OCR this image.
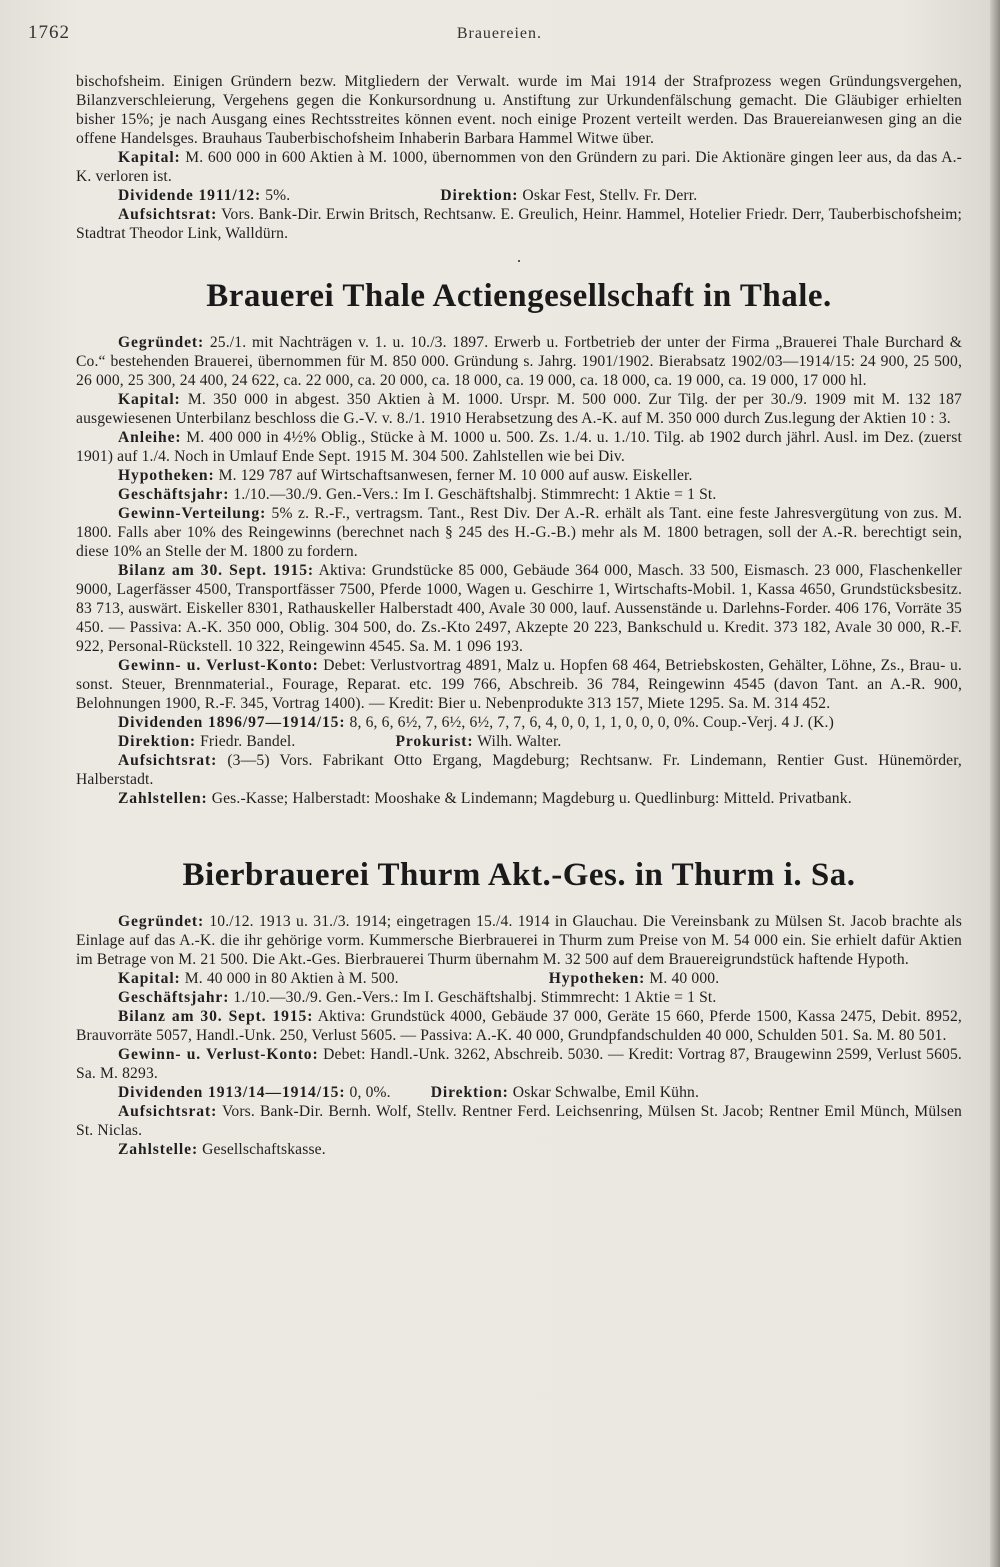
1762	Brauereien.

bischofsheim. Einigen Gründern bezw. Mitgliedern der Verwalt. wurde im Mai 1914 der Strafprozess wegen Gründungsvergehen, Bilanzverschleierung, Vergehens gegen die Konkursordnung u. Anstiftung zur Urkundenfälschung gemacht. Die Gläubiger erhielten bisher 15%; je nach Ausgang eines Rechtsstreites können event. noch einige Prozent verteilt werden. Das Brauereianwesen ging an die offene Handelsges. Brauhaus Tauberbischofsheim Inhaberin Barbara Hammel Witwe über.

Kapital: M. 600 000 in 600 Aktien à M. 1000, übernommen von den Gründern zu pari. Die Aktionäre gingen leer aus, da das A.-K. verloren ist.

Dividende 1911/12: 5%.	Direktion: Oskar Fest, Stellv. Fr. Derr.

Aufsichtsrat: Vors. Bank-Dir. Erwin Britsch, Rechtsanw. E. Greulich, Heinr. Hammel, Hotelier Friedr. Derr, Tauberbischofsheim; Stadtrat Theodor Link, Walldürn.

•

Brauerei Thale Actiengesellschaft in Thale.

Gegründet: 25./1. mit Nachträgen v. 1. u. 10./3. 1897. Erwerb u. Fortbetrieb der unter der Firma „Brauerei Thale Burchard & Co.“ bestehenden Brauerei, übernommen für M. 850 000. Gründung s. Jahrg. 1901/1902. Bierabsatz 1902/03—1914/15: 24 900, 25 500, 26 000, 25 300, 24 400, 24 622, ca. 22 000, ca. 20 000, ca. 18 000, ca. 19 000, ca. 18 000, ca. 19 000, ca. 19 000, 17 000 hl.

Kapital: M. 350 000 in abgest. 350 Aktien à M. 1000. Urspr. M. 500 000. Zur Tilg. der per 30./9. 1909 mit M. 132 187 ausgewiesenen Unterbilanz beschloss die G.-V. v. 8./1. 1910 Herabsetzung des A.-K. auf M. 350 000 durch Zus.legung der Aktien 10 : 3.

Anleihe: M. 400 000 in 4½% Oblig., Stücke à M. 1000 u. 500. Zs. 1./4. u. 1./10. Tilg. ab 1902 durch jährl. Ausl. im Dez. (zuerst 1901) auf 1./4. Noch in Umlauf Ende Sept. 1915 M. 304 500. Zahlstellen wie bei Div.

Hypotheken: M. 129 787 auf Wirtschaftsanwesen, ferner M. 10 000 auf ausw. Eiskeller.

Geschäftsjahr: 1./10.—30./9. Gen.-Vers.: Im I. Geschäftshalbj. Stimmrecht: 1 Aktie = 1 St.

Gewinn-Verteilung: 5% z. R.-F., vertragsm. Tant., Rest Div. Der A.-R. erhält als Tant. eine feste Jahresvergütung von zus. M. 1800. Falls aber 10% des Reingewinns (berechnet nach § 245 des H.-G.-B.) mehr als M. 1800 betragen, soll der A.-R. berechtigt sein, diese 10% an Stelle der M. 1800 zu fordern.

Bilanz am 30. Sept. 1915: Aktiva: Grundstücke 85 000, Gebäude 364 000, Masch. 33 500, Eismasch. 23 000, Flaschenkeller 9000, Lagerfässer 4500, Transportfässer 7500, Pferde 1000, Wagen u. Geschirre 1, Wirtschafts-Mobil. 1, Kassa 4650, Grundstücksbesitz. 83 713, auswärt. Eiskeller 8301, Rathauskeller Halberstadt 400, Avale 30 000, lauf. Aussenstände u. Darlehns-Forder. 406 176, Vorräte 35 450. — Passiva: A.-K. 350 000, Oblig. 304 500, do. Zs.-Kto 2497, Akzepte 20 223, Bankschuld u. Kredit. 373 182, Avale 30 000, R.-F. 922, Personal-Rückstell. 10 322, Reingewinn 4545. Sa. M. 1 096 193.

Gewinn- u. Verlust-Konto: Debet: Verlustvortrag 4891, Malz u. Hopfen 68 464, Betriebskosten, Gehälter, Löhne, Zs., Brau- u. sonst. Steuer, Brennmaterial., Fourage, Reparat. etc. 199 766, Abschreib. 36 784, Reingewinn 4545 (davon Tant. an A.-R. 900, Belohnungen 1900, R.-F. 345, Vortrag 1400). — Kredit: Bier u. Nebenprodukte 313 157, Miete 1295. Sa. M. 314 452.

Dividenden 1896/97—1914/15: 8, 6, 6, 6½, 7, 6½, 6½, 7, 7, 6, 4, 0, 0, 1, 1, 0, 0, 0, 0%. Coup.-Verj. 4 J. (K.)

Direktion: Friedr. Bandel.	Prokurist: Wilh. Walter.

Aufsichtsrat: (3—5) Vors. Fabrikant Otto Ergang, Magdeburg; Rechtsanw. Fr. Lindemann, Rentier Gust. Hünemörder, Halberstadt.

Zahlstellen: Ges.-Kasse; Halberstadt: Mooshake & Lindemann; Magdeburg u. Quedlinburg: Mitteld. Privatbank.

Bierbrauerei Thurm Akt.-Ges. in Thurm i. Sa.

Gegründet: 10./12. 1913 u. 31./3. 1914; eingetragen 15./4. 1914 in Glauchau. Die Vereinsbank zu Mülsen St. Jacob brachte als Einlage auf das A.-K. die ihr gehörige vorm. Kummersche Bierbrauerei in Thurm zum Preise von M. 54 000 ein. Sie erhielt dafür Aktien im Betrage von M. 21 500. Die Akt.-Ges. Bierbrauerei Thurm übernahm M. 32 500 auf dem Brauereigrundstück haftende Hypoth.

Kapital: M. 40 000 in 80 Aktien à M. 500.	Hypotheken: M. 40 000.

Geschäftsjahr: 1./10.—30./9. Gen.-Vers.: Im I. Geschäftshalbj. Stimmrecht: 1 Aktie = 1 St.

Bilanz am 30. Sept. 1915: Aktiva: Grundstück 4000, Gebäude 37 000, Geräte 15 660, Pferde 1500, Kassa 2475, Debit. 8952, Brauvorräte 5057, Handl.-Unk. 250, Verlust 5605. — Passiva: A.-K. 40 000, Grundpfandschulden 40 000, Schulden 501. Sa. M. 80 501.

Gewinn- u. Verlust-Konto: Debet: Handl.-Unk. 3262, Abschreib. 5030. — Kredit: Vortrag 87, Braugewinn 2599, Verlust 5605. Sa. M. 8293.

Dividenden 1913/14—1914/15: 0, 0%.	Direktion: Oskar Schwalbe, Emil Kühn.

Aufsichtsrat: Vors. Bank-Dir. Bernh. Wolf, Stellv. Rentner Ferd. Leichsenring, Mülsen St. Jacob; Rentner Emil Münch, Mülsen St. Niclas.

Zahlstelle: Gesellschaftskasse.
